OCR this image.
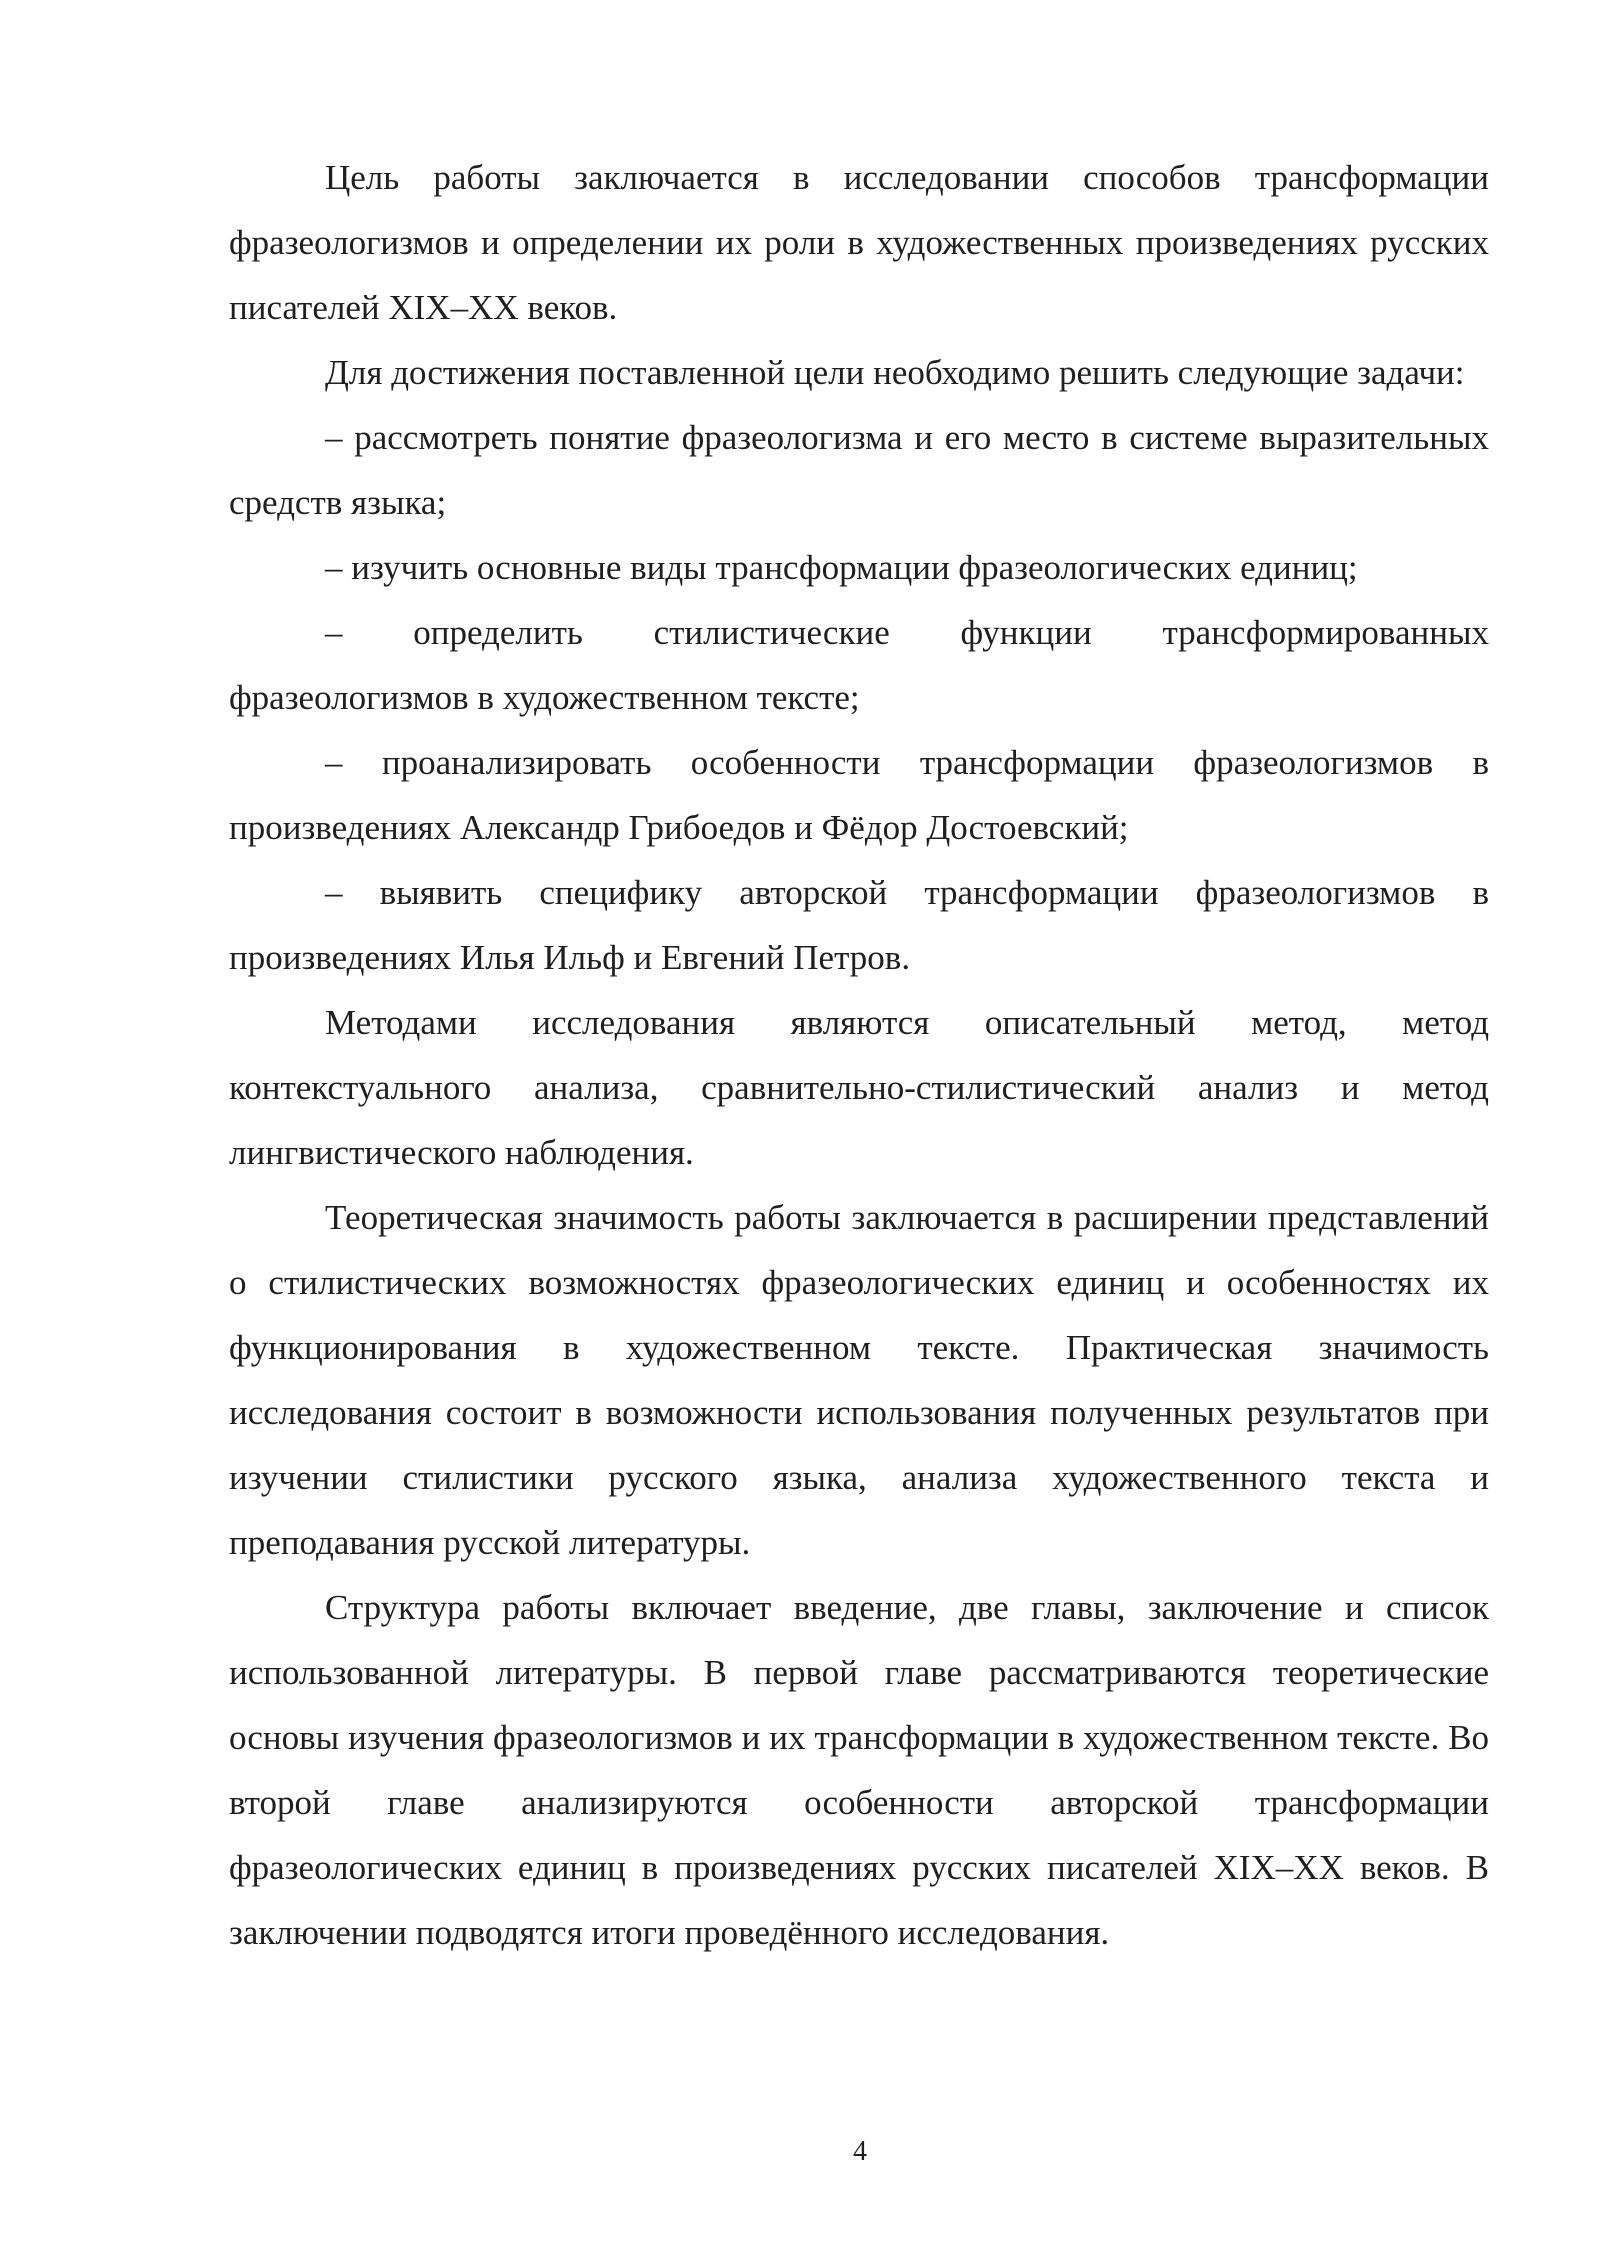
Цель работы заключается в исследовании способов трансформации фразеологизмов и определении их роли в художественных произведениях русских писателей XIX–XX веков.

Для достижения поставленной цели необходимо решить следующие задачи:

– рассмотреть понятие фразеологизма и его место в системе выразительных средств языка;

– изучить основные виды трансформации фразеологических единиц;

– определить стилистические функции трансформированных фразеологизмов в художественном тексте;

– проанализировать особенности трансформации фразеологизмов в произведениях Александр Грибоедов и Фёдор Достоевский;

– выявить специфику авторской трансформации фразеологизмов в произведениях Илья Ильф и Евгений Петров.

Методами исследования являются описательный метод, метод контекстуального анализа, сравнительно-стилистический анализ и метод лингвистического наблюдения.

Теоретическая значимость работы заключается в расширении представлений о стилистических возможностях фразеологических единиц и особенностях их функционирования в художественном тексте. Практическая значимость исследования состоит в возможности использования полученных результатов при изучении стилистики русского языка, анализа художественного текста и преподавания русской литературы.

Структура работы включает введение, две главы, заключение и список использованной литературы. В первой главе рассматриваются теоретические основы изучения фразеологизмов и их трансформации в художественном тексте. Во второй главе анализируются особенности авторской трансформации фразеологических единиц в произведениях русских писателей XIX–XX веков. В заключении подводятся итоги проведённого исследования.

4
